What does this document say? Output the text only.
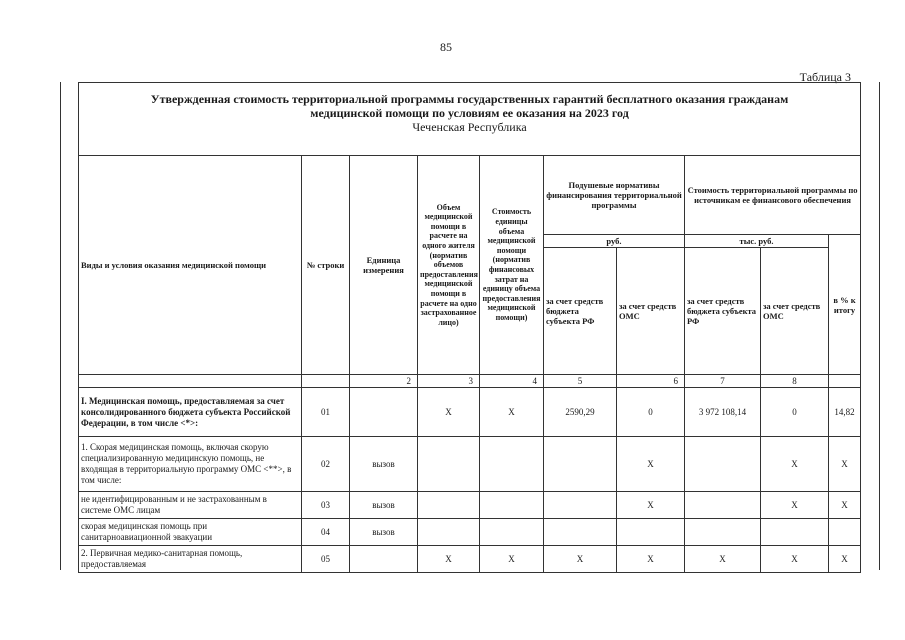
85
Таблица 3
Утвержденная стоимость территориальной программы государственных гарантий бесплатного оказания гражданам
медицинской помощи по условиям ее оказания на 2023 год
Чеченская Республика									

Виды и условия оказания медицинской помощи	№ строки	Единица измерения	Объем медицинской помощи в расчете на одного жителя (норматив объемов предоставления медицинской помощи в расчете на одно застрахованное лицо)	Стоимость единицы объема медицинской помощи (норматив финансовых затрат на единицу объема предоставления медицинской помощи)	Подушевые нормативы финансирования территориальной программы		Стоимость территориальной программы по источникам ее финансового обеспечения		
					руб.		тыс. руб.		в % к итогу
					за счет средств бюджета субъекта РФ	за счет средств ОМС	за счет средств бюджета субъекта РФ	за счет средств ОМС	
		2	3	4	5	6	7	8	
I. Медицинская помощь, предоставляемая за счет консолидированного бюджета субъекта Российской Федерации, в том числе <*>:	01		Х	Х	2590,29	0	3 972 108,14	0	14,82
1. Скорая медицинская помощь, включая скорую специализированную медицинскую помощь, не входящая в территориальную программу ОМС <**>, в том числе:	02	вызов				Х		Х	Х
не идентифицированным и не застрахованным в системе ОМС лицам	03	вызов				Х		Х	Х
скорая медицинская помощь при санитарноавиационной эвакуации	04	вызов							
2. Первичная медико-санитарная помощь, предоставляемая	05		Х	Х	Х	Х	Х	Х	Х
